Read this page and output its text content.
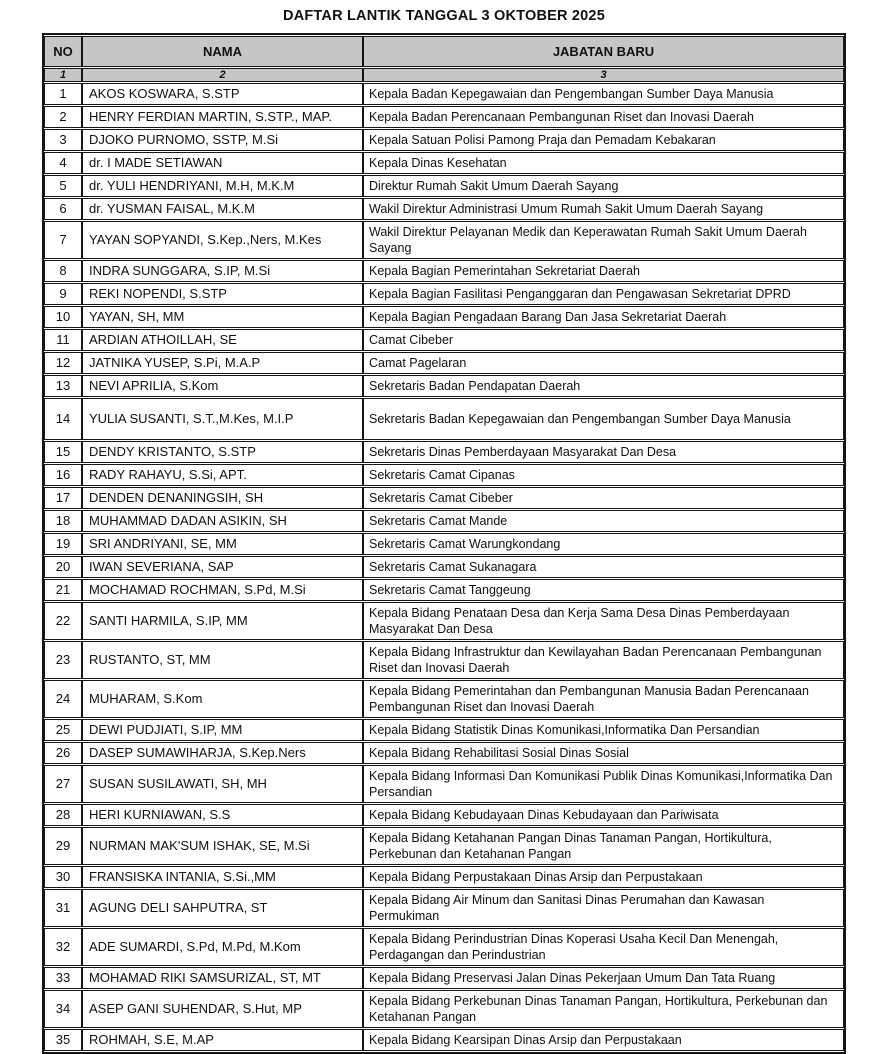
DAFTAR LANTIK TANGGAL 3 OKTOBER 2025
NO	NAMA	JABATAN BARU
1	2	3
1	AKOS KOSWARA, S.STP	Kepala Badan Kepegawaian dan Pengembangan Sumber Daya Manusia
2	HENRY FERDIAN MARTIN, S.STP., MAP.	Kepala Badan Perencanaan Pembangunan Riset dan Inovasi Daerah
3	DJOKO PURNOMO, SSTP, M.Si	Kepala Satuan Polisi Pamong Praja dan Pemadam Kebakaran
4	dr. I MADE SETIAWAN	Kepala Dinas Kesehatan
5	dr. YULI HENDRIYANI, M.H, M.K.M	Direktur Rumah Sakit Umum Daerah Sayang
6	dr. YUSMAN FAISAL, M.K.M	Wakil Direktur Administrasi Umum Rumah Sakit Umum Daerah Sayang
7	YAYAN SOPYANDI, S.Kep.,Ners, M.Kes	Wakil Direktur Pelayanan Medik dan Keperawatan Rumah Sakit Umum Daerah Sayang
8	INDRA SUNGGARA, S.IP, M.Si	Kepala Bagian Pemerintahan Sekretariat Daerah
9	REKI NOPENDI, S.STP	Kepala Bagian Fasilitasi Penganggaran dan Pengawasan Sekretariat DPRD
10	YAYAN, SH, MM	Kepala Bagian Pengadaan Barang Dan Jasa Sekretariat Daerah
11	ARDIAN ATHOILLAH, SE	Camat Cibeber
12	JATNIKA YUSEP, S.Pi, M.A.P	Camat Pagelaran
13	NEVI APRILIA, S.Kom	Sekretaris Badan Pendapatan Daerah
14	YULIA SUSANTI, S.T.,M.Kes, M.I.P	Sekretaris Badan Kepegawaian dan Pengembangan Sumber Daya Manusia
15	DENDY KRISTANTO, S.STP	Sekretaris Dinas Pemberdayaan Masyarakat Dan Desa
16	RADY RAHAYU, S.Si, APT.	Sekretaris Camat Cipanas
17	DENDEN DENANINGSIH, SH	Sekretaris Camat Cibeber
18	MUHAMMAD DADAN ASIKIN, SH	Sekretaris Camat Mande
19	SRI ANDRIYANI, SE, MM	Sekretaris Camat Warungkondang
20	IWAN SEVERIANA, SAP	Sekretaris Camat Sukanagara
21	MOCHAMAD ROCHMAN, S.Pd, M.Si	Sekretaris Camat Tanggeung
22	SANTI HARMILA, S.IP, MM	Kepala Bidang Penataan Desa dan Kerja Sama Desa Dinas Pemberdayaan Masyarakat Dan Desa
23	RUSTANTO, ST, MM	Kepala Bidang Infrastruktur dan Kewilayahan Badan Perencanaan Pembangunan Riset dan Inovasi Daerah
24	MUHARAM, S.Kom	Kepala Bidang Pemerintahan dan Pembangunan Manusia Badan Perencanaan Pembangunan Riset dan Inovasi Daerah
25	DEWI PUDJIATI, S.IP, MM	Kepala Bidang Statistik Dinas Komunikasi,Informatika Dan Persandian
26	DASEP SUMAWIHARJA, S.Kep.Ners	Kepala Bidang Rehabilitasi Sosial Dinas Sosial
27	SUSAN SUSILAWATI, SH, MH	Kepala Bidang Informasi Dan Komunikasi Publik Dinas Komunikasi,Informatika Dan Persandian
28	HERI KURNIAWAN, S.S	Kepala Bidang Kebudayaan Dinas Kebudayaan dan Pariwisata
29	NURMAN MAK'SUM ISHAK, SE, M.Si	Kepala Bidang Ketahanan Pangan Dinas Tanaman Pangan, Hortikultura, Perkebunan dan Ketahanan Pangan
30	FRANSISKA INTANIA, S.Si.,MM	Kepala Bidang Perpustakaan Dinas Arsip dan Perpustakaan
31	AGUNG DELI SAHPUTRA, ST	Kepala Bidang Air Minum dan Sanitasi Dinas Perumahan dan Kawasan Permukiman
32	ADE SUMARDI, S.Pd, M.Pd, M.Kom	Kepala Bidang Perindustrian Dinas Koperasi Usaha Kecil Dan Menengah, Perdagangan dan Perindustrian
33	MOHAMAD RIKI SAMSURIZAL, ST, MT	Kepala Bidang Preservasi Jalan Dinas Pekerjaan Umum Dan Tata Ruang
34	ASEP GANI SUHENDAR, S.Hut, MP	Kepala Bidang Perkebunan Dinas Tanaman Pangan, Hortikultura, Perkebunan dan Ketahanan Pangan
35	ROHMAH, S.E, M.AP	Kepala Bidang Kearsipan Dinas Arsip dan Perpustakaan
